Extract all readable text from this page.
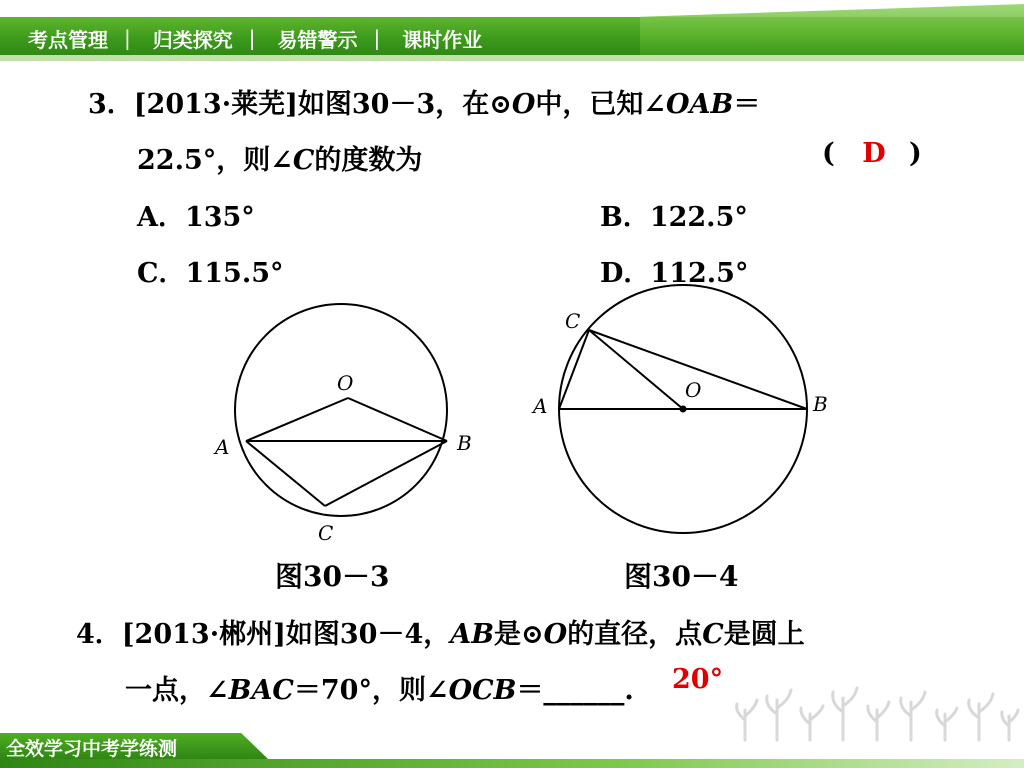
考点管理 | 归类探究 | 易错警示 | 课时作业
3．[2013·莱芜]如图30－3，在⊙O中，已知∠OAB＝
22.5°，则∠C的度数为	( D )
A．135°	B．122.5°
C．115.5°	D．112.5°
O
A	B
C
图30－3
O
A	B
C
图30－4
4．[2013·郴州]如图30－4，AB是⊙O的直径，点C是圆上
一点，∠BAC＝70°，则∠OCB＝______. 20°
全效学习中考学练测
